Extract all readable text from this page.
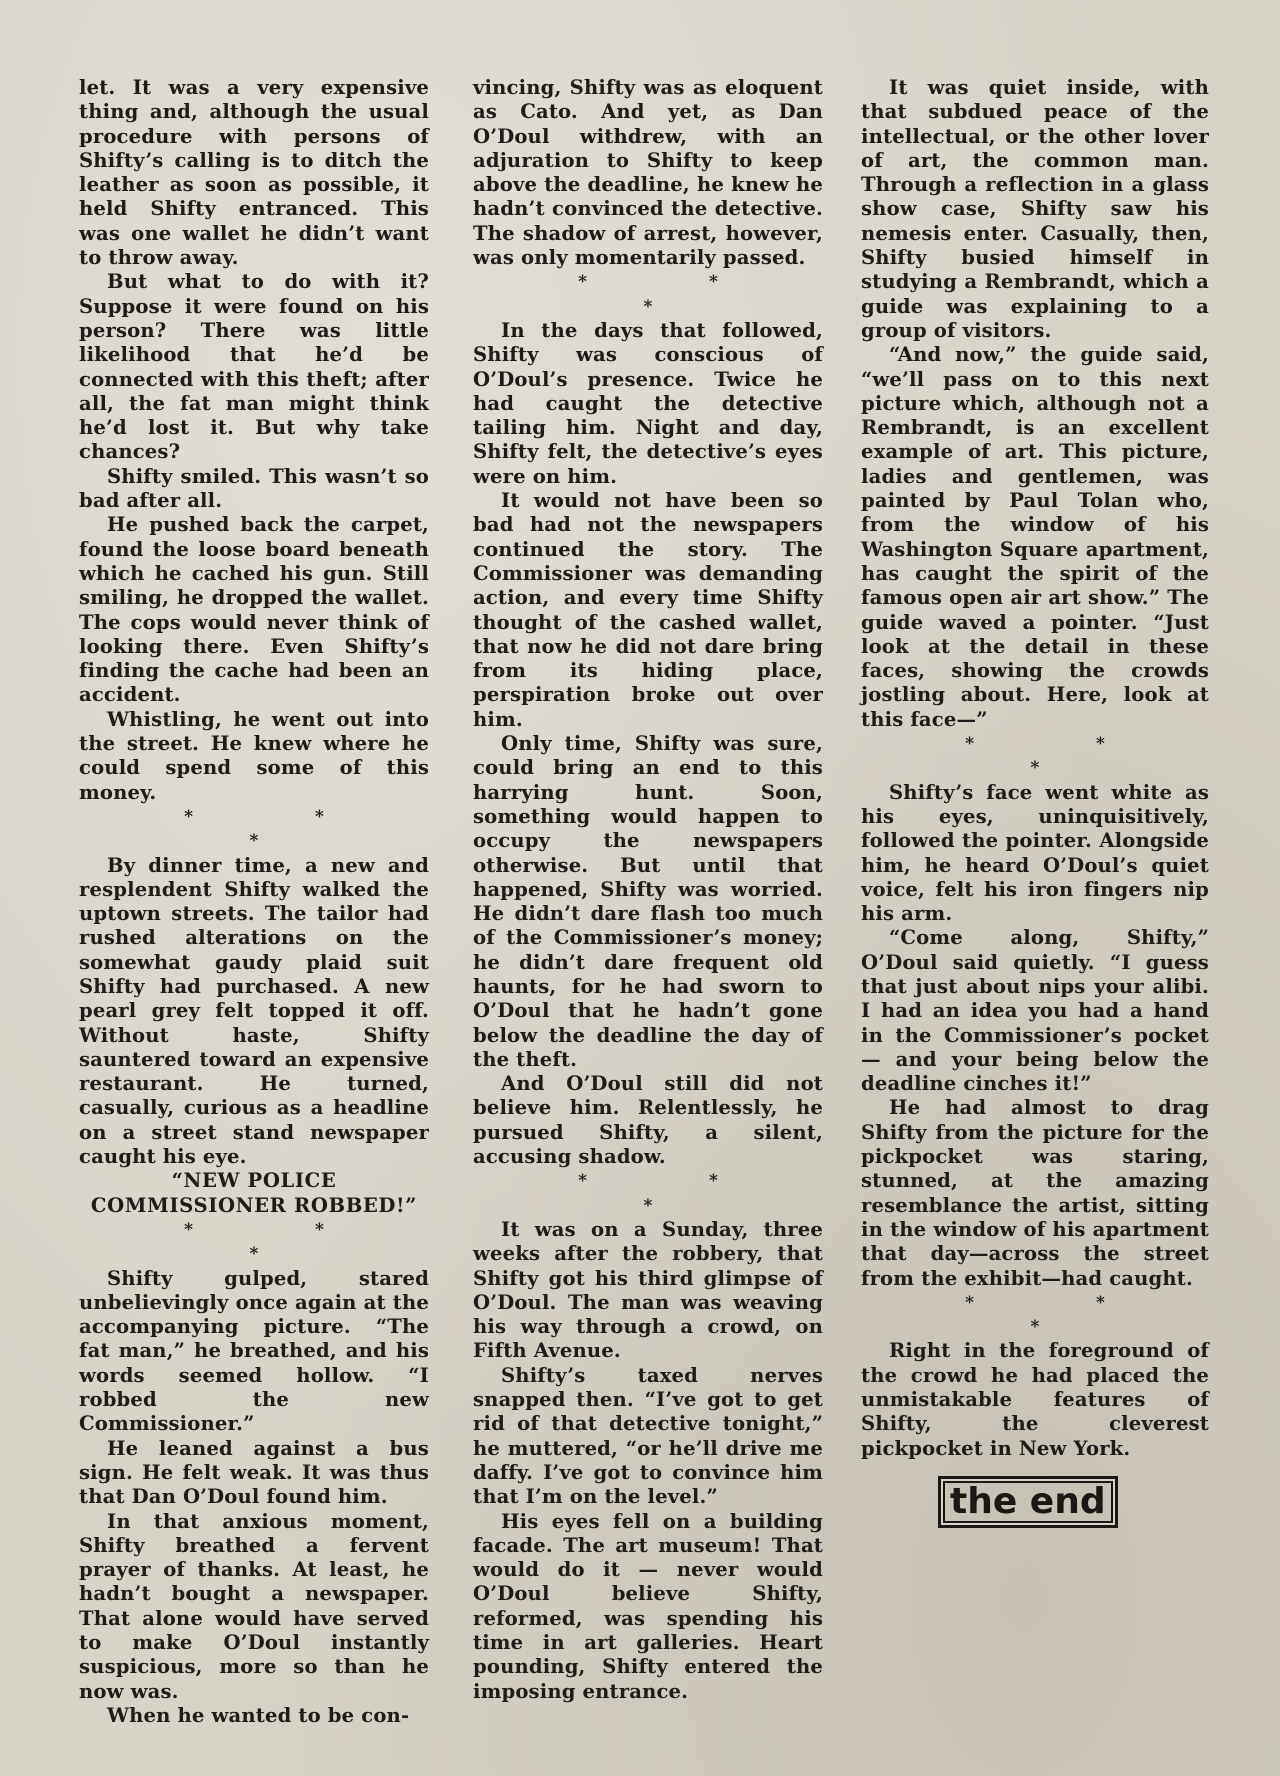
let. It was a very expensive thing and, although the usual procedure with persons of Shifty’s calling is to ditch the leather as soon as possible, it held Shifty entranced. This was one wallet he didn’t want to throw away.

But what to do with it? Suppose it were found on his person? There was little likelihood that he’d be connected with this theft; after all, the fat man might think he’d lost it. But why take chances?

Shifty smiled. This wasn’t so bad after all.

He pushed back the carpet, found the loose board beneath which he cached his gun. Still smiling, he dropped the wallet. The cops would never think of looking there. Even Shifty’s finding the cache had been an accident.

Whistling, he went out into the street. He knew where he could spend some of this money.

* * *

By dinner time, a new and resplendent Shifty walked the uptown streets. The tailor had rushed alterations on the somewhat gaudy plaid suit Shifty had purchased. A new pearl grey felt topped it off. Without haste, Shifty sauntered toward an expensive restaurant. He turned, casually, curious as a headline on a street stand newspaper caught his eye.

“NEW POLICE COMMISSIONER ROBBED!”

* * *

Shifty gulped, stared unbelievingly once again at the accompanying picture. “The fat man,” he breathed, and his words seemed hollow. “I robbed the new Commissioner.”

He leaned against a bus sign. He felt weak. It was thus that Dan O’Doul found him.

In that anxious moment, Shifty breathed a fervent prayer of thanks. At least, he hadn’t bought a newspaper. That alone would have served to make O’Doul instantly suspicious, more so than he now was.

When he wanted to be con-

vincing, Shifty was as eloquent as Cato. And yet, as Dan O’Doul withdrew, with an adjuration to Shifty to keep above the deadline, he knew he hadn’t convinced the detective. The shadow of arrest, however, was only momentarily passed.

* * *

In the days that followed, Shifty was conscious of O’Doul’s presence. Twice he had caught the detective tailing him. Night and day, Shifty felt, the detective’s eyes were on him.

It would not have been so bad had not the newspapers continued the story. The Commissioner was demanding action, and every time Shifty thought of the cashed wallet, that now he did not dare bring from its hiding place, perspiration broke out over him.

Only time, Shifty was sure, could bring an end to this harrying hunt. Soon, something would happen to occupy the newspapers otherwise. But until that happened, Shifty was worried. He didn’t dare flash too much of the Commissioner’s money; he didn’t dare frequent old haunts, for he had sworn to O’Doul that he hadn’t gone below the deadline the day of the theft.

And O’Doul still did not believe him. Relentlessly, he pursued Shifty, a silent, accusing shadow.

* * *

It was on a Sunday, three weeks after the robbery, that Shifty got his third glimpse of O’Doul. The man was weaving his way through a crowd, on Fifth Avenue.

Shifty’s taxed nerves snapped then. “I’ve got to get rid of that detective tonight,” he muttered, “or he’ll drive me daffy. I’ve got to convince him that I’m on the level.”

His eyes fell on a building facade. The art museum! That would do it — never would O’Doul believe Shifty, reformed, was spending his time in art galleries. Heart pounding, Shifty entered the imposing entrance.

It was quiet inside, with that subdued peace of the intellectual, or the other lover of art, the common man. Through a reflection in a glass show case, Shifty saw his nemesis enter. Casually, then, Shifty busied himself in studying a Rembrandt, which a guide was explaining to a group of visitors.

“And now,” the guide said, “we’ll pass on to this next picture which, although not a Rembrandt, is an excellent example of art. This picture, ladies and gentlemen, was painted by Paul Tolan who, from the window of his Washington Square apartment, has caught the spirit of the famous open air art show.” The guide waved a pointer. “Just look at the detail in these faces, showing the crowds jostling about. Here, look at this face—”

* * *

Shifty’s face went white as his eyes, uninquisitively, followed the pointer. Alongside him, he heard O’Doul’s quiet voice, felt his iron fingers nip his arm.

“Come along, Shifty,” O’Doul said quietly. “I guess that just about nips your alibi. I had an idea you had a hand in the Commissioner’s pocket — and your being below the deadline cinches it!”

He had almost to drag Shifty from the picture for the pickpocket was staring, stunned, at the amazing resemblance the artist, sitting in the window of his apartment that day—across the street from the exhibit—had caught.

* * *

Right in the foreground of the crowd he had placed the unmistakable features of Shifty, the cleverest pickpocket in New York.

the end
